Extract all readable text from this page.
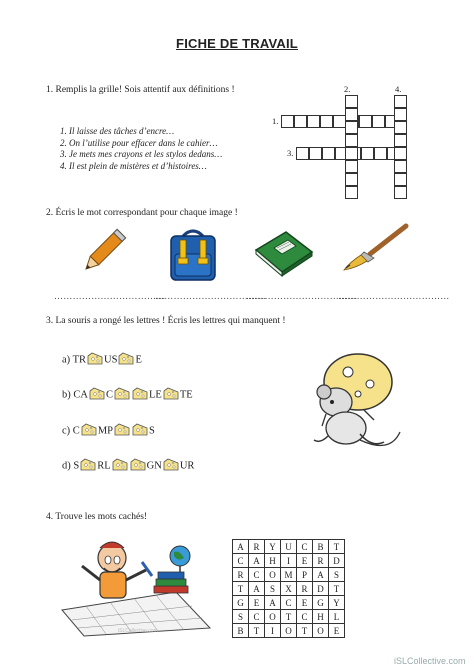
FICHE DE TRAVAIL
1. Remplis la grille! Sois attentif aux définitions !
1. Il laisse des tâches d’encre…
2. On l’utilise pour effacer dans le cahier…
3. Je mets mes crayons et les stylos dedans…
4. Il est plein de mistères et d’histoires…
1.
2.
3.
4.
2. Écris le mot correspondant pour chaque image !
………………………………
………………………………
………………………………
………………………………
3. La souris a rongé les lettres ! Écris les lettres qui manquent !
a) TR US E
b) CA C	LE TE
c) C MP	S
d) S RL	GN UR
4. Trouve les mots cachés!
iSLCollective.com
A	R	Y	U	C	B	T
C	A	H	I	E	R	D
R	C	O	M	P	A	S
T	A	S	X	R	D	T
G	E	A	C	E	G	Y
S	C	O	T	C	H	L
B	T	I	O	T	O	E
iSLCollective.com
